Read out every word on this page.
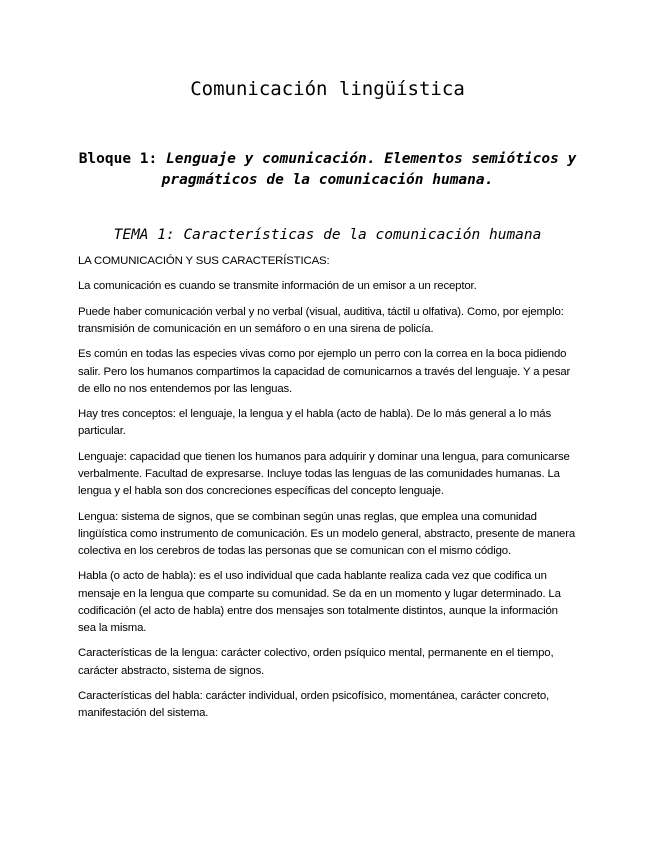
Comunicación lingüística
Bloque 1: Lenguaje y comunicación. Elementos semióticos y pragmáticos de la comunicación humana.
TEMA 1: Características de la comunicación humana

LA COMUNICACIÓN Y SUS CARACTERÍSTICAS:

La comunicación es cuando se transmite información de un emisor a un receptor.

Puede haber comunicación verbal y no verbal (visual, auditiva, táctil u olfativa). Como, por ejemplo: transmisión de comunicación en un semáforo o en una sirena de policía.

Es común en todas las especies vivas como por ejemplo un perro con la correa en la boca pidiendo salir. Pero los humanos compartimos la capacidad de comunicarnos a través del lenguaje. Y a pesar de ello no nos entendemos por las lenguas.

Hay tres conceptos: el lenguaje, la lengua y el habla (acto de habla). De lo más general a lo más particular.

Lenguaje: capacidad que tienen los humanos para adquirir y dominar una lengua, para comunicarse verbalmente. Facultad de expresarse. Incluye todas las lenguas de las comunidades humanas. La lengua y el habla son dos concreciones específicas del concepto lenguaje.

Lengua: sistema de signos, que se combinan según unas reglas, que emplea una comunidad lingüística como instrumento de comunicación. Es un modelo general, abstracto, presente de manera colectiva en los cerebros de todas las personas que se comunican con el mismo código.

Habla (o acto de habla): es el uso individual que cada hablante realiza cada vez que codifica un mensaje en la lengua que comparte su comunidad. Se da en un momento y lugar determinado. La codificación (el acto de habla) entre dos mensajes son totalmente distintos, aunque la información sea la misma.

Características de la lengua: carácter colectivo, orden psíquico mental, permanente en el tiempo, carácter abstracto, sistema de signos.

Características del habla: carácter individual, orden psicofísico, momentánea, carácter concreto, manifestación del sistema.
